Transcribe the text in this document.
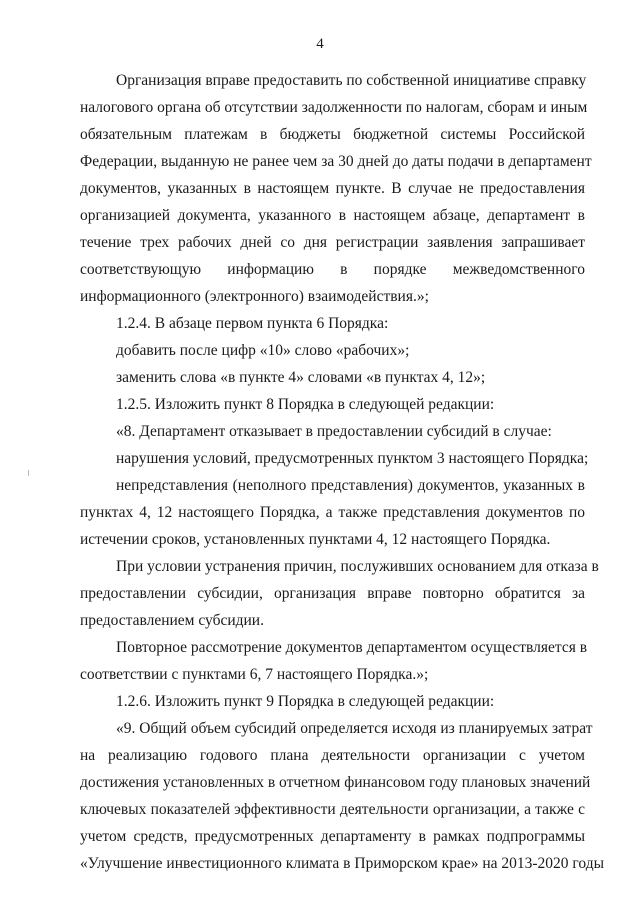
4
Организация вправе предоставить по собственной инициативе справку
налогового органа об отсутствии задолженности по налогам, сборам и иным
обязательным платежам в бюджеты бюджетной системы Российской
Федерации, выданную не ранее чем за 30 дней до даты подачи в департамент
документов, указанных в настоящем пункте. В случае не предоставления
организацией документа, указанного в настоящем абзаце, департамент в
течение трех рабочих дней со дня регистрации заявления запрашивает
соответствующую информацию в порядке межведомственного
информационного (электронного) взаимодействия.»;
1.2.4. В абзаце первом пункта 6 Порядка:
добавить после цифр «10» слово «рабочих»;
заменить слова «в пункте 4» словами «в пунктах 4, 12»;
1.2.5. Изложить пункт 8 Порядка в следующей редакции:
«8. Департамент отказывает в предоставлении субсидий в случае:
нарушения условий, предусмотренных пунктом 3 настоящего Порядка;
непредставления (неполного представления) документов, указанных в
пунктах 4, 12 настоящего Порядка, а также представления документов по
истечении сроков, установленных пунктами 4, 12 настоящего Порядка.
При условии устранения причин, послуживших основанием для отказа в
предоставлении субсидии, организация вправе повторно обратится за
предоставлением субсидии.
Повторное рассмотрение документов департаментом осуществляется в
соответствии с пунктами 6, 7 настоящего Порядка.»;
1.2.6. Изложить пункт 9 Порядка в следующей редакции:
«9. Общий объем субсидий определяется исходя из планируемых затрат
на реализацию годового плана деятельности организации с учетом
достижения установленных в отчетном финансовом году плановых значений
ключевых показателей эффективности деятельности организации, а также с
учетом средств, предусмотренных департаменту в рамках подпрограммы
«Улучшение инвестиционного климата в Приморском крае» на 2013-2020 годы
